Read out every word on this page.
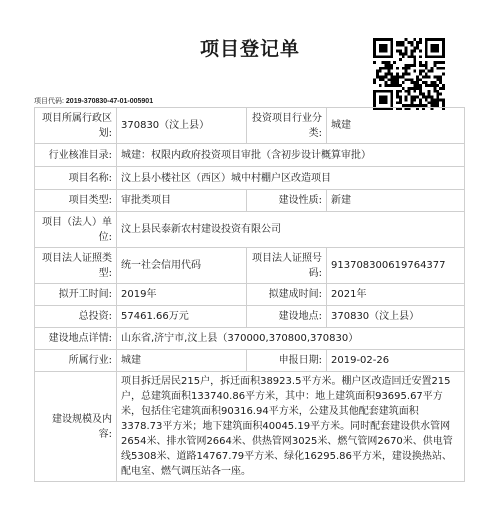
项目登记单
项目代码: 2019-370830-47-01-005901
项目所属行政区划:	370830（汶上县）	投资项目行业分类:	城建
行业核准目录:	城建：权限内政府投资项目审批（含初步设计概算审批）		
项目名称:	汶上县小楼社区（西区）城中村棚户区改造项目		
项目类型:	审批类项目	建设性质:	新建
项目（法人）单位:	汶上县民泰新农村建设投资有限公司		
项目法人证照类型:	统一社会信用代码	项目法人证照号码:	913708300619764377
拟开工时间:	2019年	拟建成时间:	2021年
总投资:	57461.66万元	建设地点:	370830（汶上县）
建设地点详情:	山东省,济宁市,汶上县（370000,370800,370830）		
所属行业:	城建	申报日期:	2019-02-26
建设规模及内容:	项目拆迁居民215户，拆迁面积38923.5平方米。棚户区改造回迁安置215户，总建筑面积133740.86平方米，其中：地上建筑面积93695.67平方米，包括住宅建筑面积90316.94平方米，公建及其他配套建筑面积3378.73平方米；地下建筑面积40045.19平方米。同时配套建设供水管网2654米、排水管网2664米、供热管网3025米、燃气管网2670米、供电管线5308米、道路14767.79平方米、绿化16295.86平方米，建设换热站、配电室、燃气调压站各一座。		
